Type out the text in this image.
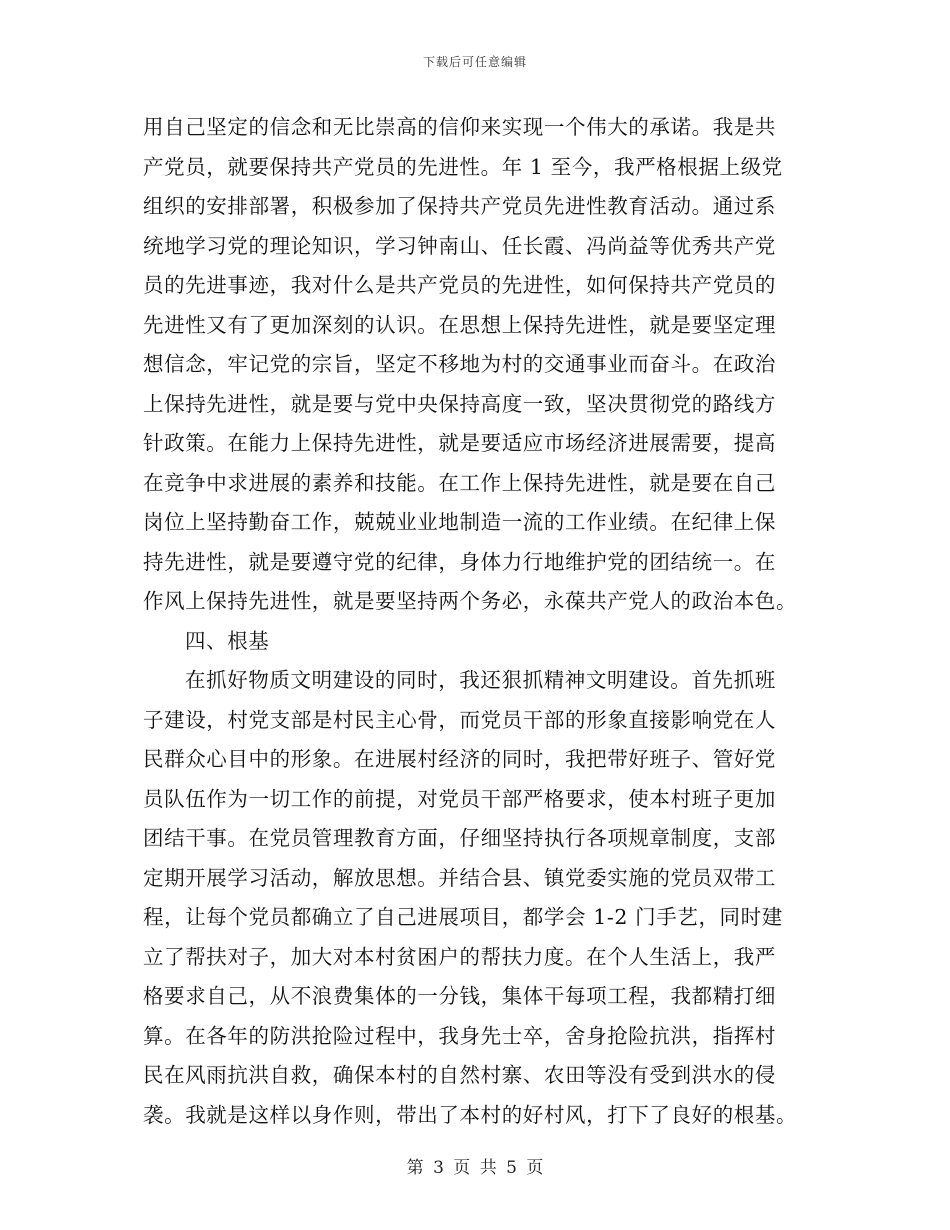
下载后可任意编辑
用自己坚定的信念和无比崇高的信仰来实现一个伟大的承诺。我是共
产党员，就要保持共产党员的先进性。年 1 至今，我严格根据上级党
组织的安排部署，积极参加了保持共产党员先进性教育活动。通过系
统地学习党的理论知识，学习钟南山、任长霞、冯尚益等优秀共产党
员的先进事迹，我对什么是共产党员的先进性，如何保持共产党员的
先进性又有了更加深刻的认识。在思想上保持先进性，就是要坚定理
想信念，牢记党的宗旨，坚定不移地为村的交通事业而奋斗。在政治
上保持先进性，就是要与党中央保持高度一致，坚决贯彻党的路线方
针政策。在能力上保持先进性，就是要适应市场经济进展需要，提高
在竞争中求进展的素养和技能。在工作上保持先进性，就是要在自己
岗位上坚持勤奋工作，兢兢业业地制造一流的工作业绩。在纪律上保
持先进性，就是要遵守党的纪律，身体力行地维护党的团结统一。在
作风上保持先进性，就是要坚持两个务必，永葆共产党人的政治本色。
四、根基
在抓好物质文明建设的同时，我还狠抓精神文明建设。首先抓班
子建设，村党支部是村民主心骨，而党员干部的形象直接影响党在人
民群众心目中的形象。在进展村经济的同时，我把带好班子、管好党
员队伍作为一切工作的前提，对党员干部严格要求，使本村班子更加
团结干事。在党员管理教育方面，仔细坚持执行各项规章制度，支部
定期开展学习活动，解放思想。并结合县、镇党委实施的党员双带工
程，让每个党员都确立了自己进展项目，都学会 1-2 门手艺，同时建
立了帮扶对子，加大对本村贫困户的帮扶力度。在个人生活上，我严
格要求自己，从不浪费集体的一分钱，集体干每项工程，我都精打细
算。在各年的防洪抢险过程中，我身先士卒，舍身抢险抗洪，指挥村
民在风雨抗洪自救，确保本村的自然村寨、农田等没有受到洪水的侵
袭。我就是这样以身作则，带出了本村的好村风，打下了良好的根基。
第 3 页 共 5 页
